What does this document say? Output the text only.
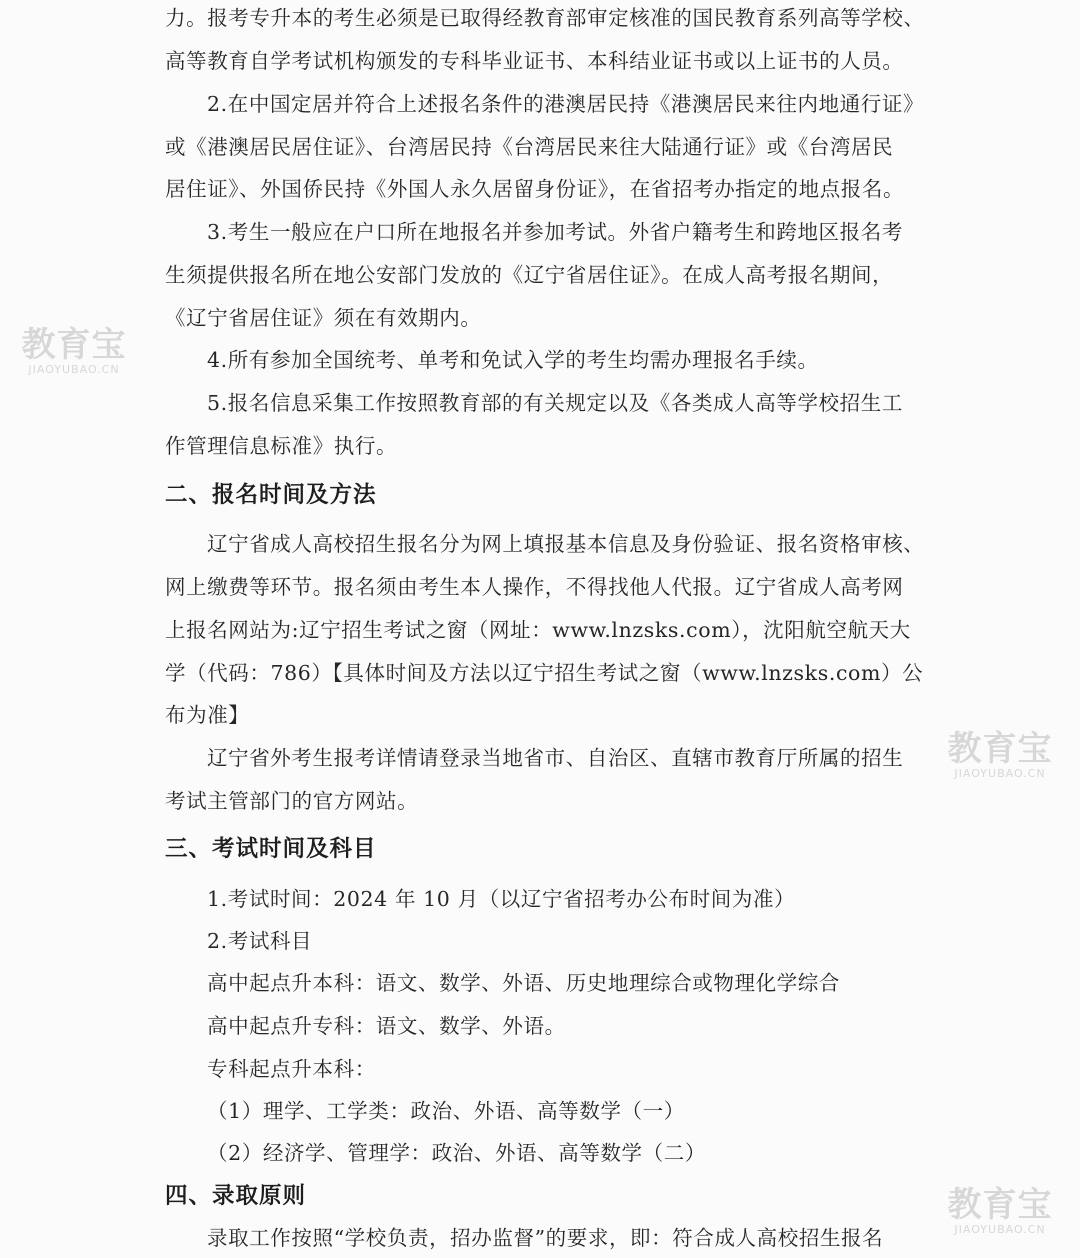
力。报考专升本的考生必须是已取得经教育部审定核准的国民教育系列高等学校、
高等教育自学考试机构颁发的专科毕业证书、本科结业证书或以上证书的人员。
2.在中国定居并符合上述报名条件的港澳居民持《港澳居民来往内地通行证》
或《港澳居民居住证》、台湾居民持《台湾居民来往大陆通行证》或《台湾居民
居住证》、外国侨民持《外国人永久居留身份证》，在省招考办指定的地点报名。
3.考生一般应在户口所在地报名并参加考试。外省户籍考生和跨地区报名考
生须提供报名所在地公安部门发放的《辽宁省居住证》。在成人高考报名期间，
《辽宁省居住证》须在有效期内。
4.所有参加全国统考、单考和免试入学的考生均需办理报名手续。
5.报名信息采集工作按照教育部的有关规定以及《各类成人高等学校招生工
作管理信息标准》执行。
二、报名时间及方法
辽宁省成人高校招生报名分为网上填报基本信息及身份验证、报名资格审核、
网上缴费等环节。报名须由考生本人操作，不得找他人代报。辽宁省成人高考网
上报名网站为:辽宁招生考试之窗（网址：www.lnzsks.com），沈阳航空航天大
学（代码：786）【具体时间及方法以辽宁招生考试之窗（www.lnzsks.com）公
布为准】
辽宁省外考生报考详情请登录当地省市、自治区、直辖市教育厅所属的招生
考试主管部门的官方网站。
三、考试时间及科目
1.考试时间：2024 年 10 月（以辽宁省招考办公布时间为准）
2.考试科目
高中起点升本科：语文、数学、外语、历史地理综合或物理化学综合
高中起点升专科：语文、数学、外语。
专科起点升本科：
（1）理学、工学类：政治、外语、高等数学（一）
（2）经济学、管理学：政治、外语、高等数学（二）
四、录取原则
录取工作按照“学校负责，招办监督”的要求，即：符合成人高校招生报名
教育宝
JIAOYUBAO.CN
教育宝
JIAOYUBAO.CN
教育宝
JIAOYUBAO.CN
